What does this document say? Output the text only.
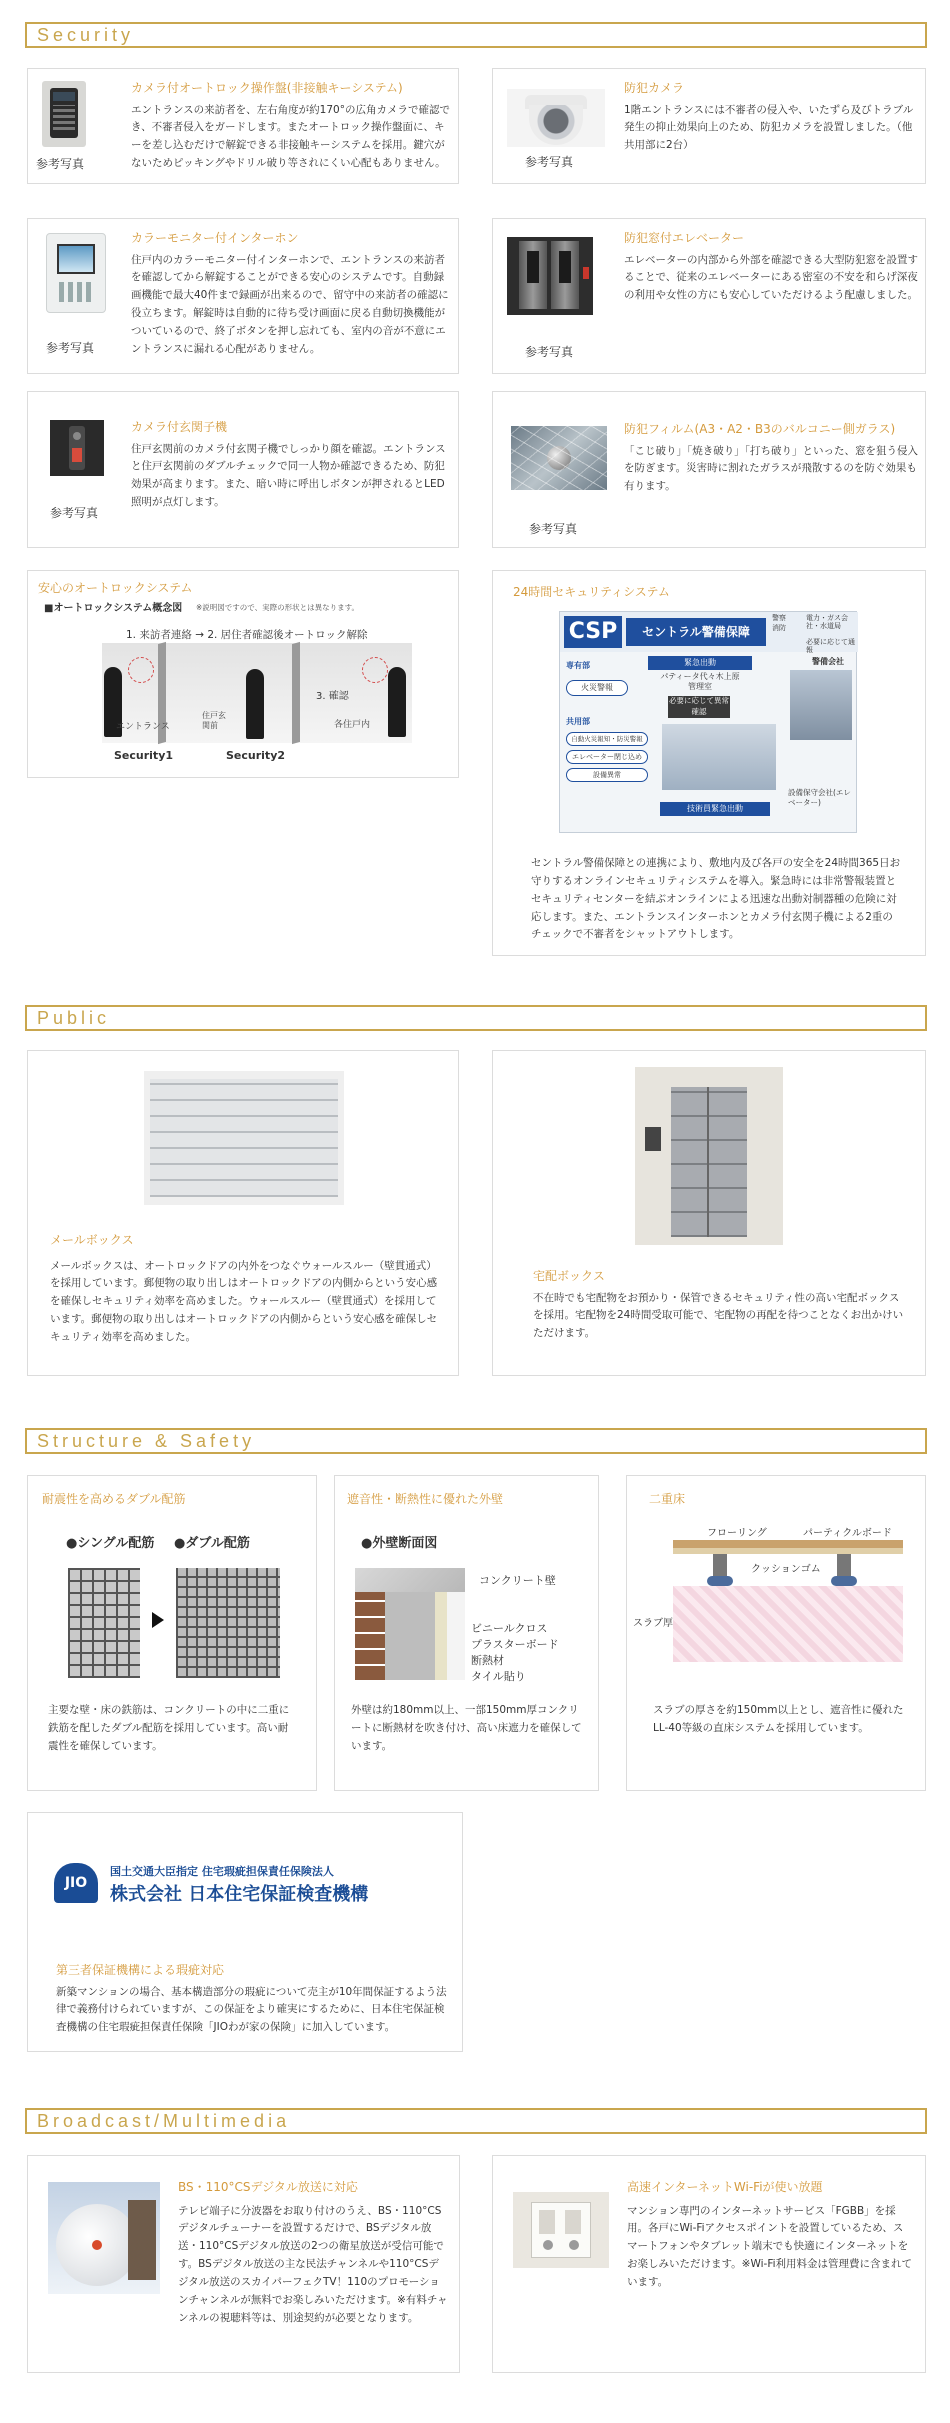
Security
参考写真
カメラ付オートロック操作盤(非接触キーシステム)
エントランスの来訪者を、左右角度が約170°の広角カメラで確認でき、不審者侵入をガードします。またオートロック操作盤面に、キーを差し込むだけで解錠できる非接触キーシステムを採用。鍵穴がないためピッキングやドリル破り等されにくい心配もありません。	参考写真
防犯カメラ
1階エントランスには不審者の侵入や、いたずら及びトラブル発生の抑止効果向上のため、防犯カメラを設置しました。（他共用部に2台）
参考写真
カラーモニター付インターホン
住戸内のカラーモニター付インターホンで、エントランスの来訪者を確認してから解錠することができる安心のシステムです。自動録画機能で最大40件まで録画が出来るので、留守中の来訪者の確認に役立ちます。解錠時は自動的に待ち受け画面に戻る自動切換機能がついているので、終了ボタンを押し忘れても、室内の音が不意にエントランスに漏れる心配がありません。	参考写真
防犯窓付エレベーター
エレベーターの内部から外部を確認できる大型防犯窓を設置することで、従来のエレベーターにある密室の不安を和らげ深夜の利用や女性の方にも安心していただけるよう配慮しました。
参考写真
カメラ付玄関子機
住戸玄関前のカメラ付玄関子機でしっかり顔を確認。エントランスと住戸玄関前のダブルチェックで同一人物か確認できるため、防犯効果が高まります。また、暗い時に呼出しボタンが押されるとLED照明が点灯します。
参考写真
防犯フィルム(A3・A2・B3のバルコニー側ガラス)
「こじ破り」「焼き破り」「打ち破り」といった、窓を狙う侵入を防ぎます。災害時に割れたガラスが飛散するのを防ぐ効果も有ります。
安心のオートロックシステム
■オートロックシステム概念図 ※説明図ですので、実際の形状とは異なります。
1. 来訪者連絡 → 2. 居住者確認後オートロック解除
3. 確認
エントランス
住戸玄関前	各住戸内
Security1	Security2
24時間セキュリティシステム
CSP	セントラル警備保障
警察
消防
電力・ガス会社・水道局
必要に応じて通報
警備会社
専有部
火災警報
緊急出動
パティータ代々木上原管理室
必要に応じて異常確認
共用部
自動火災報知・防災警報
エレベーター閉じ込め
設備異常
技術員緊急出動
設備保守会社(エレベーター)
セントラル警備保障との連携により、敷地内及び各戸の安全を24時間365日お守りするオンラインセキュリティシステムを導入。緊急時には非常警報装置とセキュリティセンターを結ぶオンラインによる迅速な出動対制器種の危険に対応します。また、エントランスインターホンとカメラ付玄関子機による2重のチェックで不審者をシャットアウトします。
Public
メールボックス
メールボックスは、オートロックドアの内外をつなぐウォールスルー（壁貫通式）を採用しています。郵便物の取り出しはオートロックドアの内側からという安心感を確保しセキュリティ効率を高めました。ウォールスルー（壁貫通式）を採用しています。郵便物の取り出しはオートロックドアの内側からという安心感を確保しセキュリティ効率を高めました。
宅配ボックス
不在時でも宅配物をお預かり・保管できるセキュリティ性の高い宅配ボックスを採用。宅配物を24時間受取可能で、宅配物の再配を待つことなくお出かけいただけます。
Structure & Safety
耐震性を高めるダブル配筋
●シングル配筋 ●ダブル配筋
主要な壁・床の鉄筋は、コンクリートの中に二重に鉄筋を配したダブル配筋を採用しています。高い耐震性を確保しています。
遮音性・断熱性に優れた外壁
●外壁断面図
コンクリート壁
ビニールクロス
プラスターボード
断熱材
タイル貼り
外壁は約180mm以上、一部150mm厚コンクリートに断熱材を吹き付け、高い床遮力を確保しています。
二重床
フローリング	パーティクルボード
クッションゴム
スラブ厚
スラブの厚さを約150mm以上とし、遮音性に優れたLL-40等級の直床システムを採用しています。
JIO
国土交通大臣指定 住宅瑕疵担保責任保険法人
株式会社 日本住宅保証検査機構
第三者保証機構による瑕疵対応
新築マンションの場合、基本構造部分の瑕疵について売主が10年間保証するよう法律で義務付けられていますが、この保証をより確実にするために、日本住宅保証検査機構の住宅瑕疵担保責任保険「JIOわが家の保険」に加入しています。
Broadcast/Multimedia
BS・110°CSデジタル放送に対応
テレビ端子に分波器をお取り付けのうえ、BS・110°CSデジタルチューナーを設置するだけで、BSデジタル放送・110°CSデジタル放送の2つの衛星放送が受信可能です。BSデジタル放送の主な民法チャンネルや110°CSデジタル放送のスカイパーフェクTV！110のプロモーションチャンネルが無料でお楽しみいただけます。※有料チャンネルの視聴料等は、別途契約が必要となります。
高速インターネットWi-Fiが使い放題
マンション専門のインターネットサービス「FGBB」を採用。各戸にWi-Fiアクセスポイントを設置しているため、スマートフォンやタブレット端末でも快適にインターネットをお楽しみいただけます。※Wi-Fi利用料金は管理費に含まれています。
